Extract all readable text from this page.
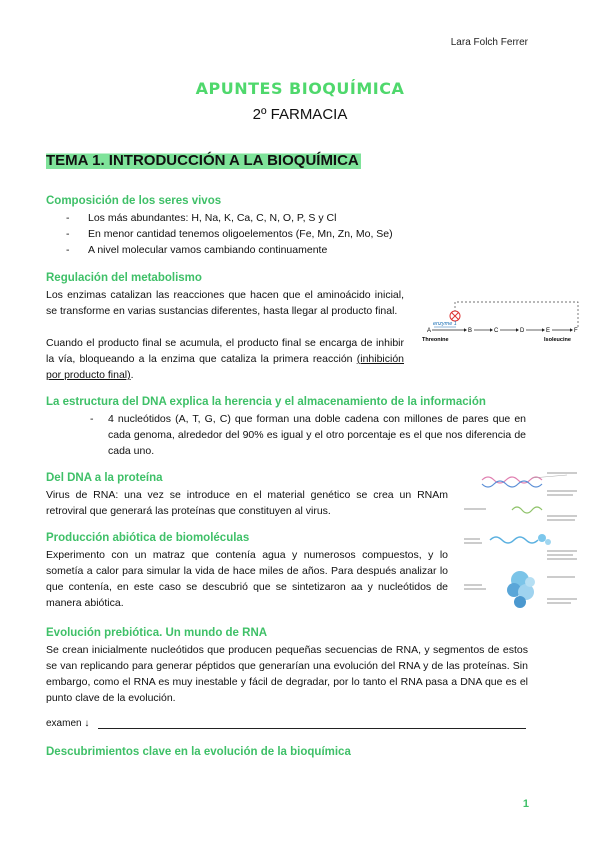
Lara Folch Ferrer
APUNTES BIOQUÍMICA
2º FARMACIA
TEMA 1. INTRODUCCIÓN A LA BIOQUÍMICA
Composición de los seres vivos
- Los más abundantes: H, Na, K, Ca, C, N, O, P, S y Cl
- En menor cantidad tenemos oligoelementos (Fe, Mn, Zn, Mo, Se)
- A nivel molecular vamos cambiando continuamente
Regulación del metabolismo
Los enzimas catalizan las reacciones que hacen que el aminoácido inicial, se transforme en varias sustancias diferentes, hasta llegar al producto final.
Cuando el producto final se acumula, el producto final se encarga de inhibir la vía, bloqueando a la enzima que cataliza la primera reacción (inhibición por producto final).
enzyme 1
A	B	C	D	E	F
Threonine	Isoleucine
La estructura del DNA explica la herencia y el almacenamiento de la información
- 4 nucleótidos (A, T, G, C) que forman una doble cadena con millones de pares que en cada genoma, alrededor del 90% es igual y el otro porcentaje es el que nos diferencia de cada uno.
Del DNA a la proteína
Virus de RNA: una vez se introduce en el material genético se crea un RNAm retroviral que generará las proteínas que constituyen al virus.
Producción abiótica de biomoléculas
Experimento con un matraz que contenía agua y numerosos compuestos, y lo sometía a calor para simular la vida de hace miles de años. Para después analizar lo que contenía, en este caso se descubrió que se sintetizaron aa y nucleótidos de manera abiótica.
Evolución prebiótica. Un mundo de RNA
Se crean inicialmente nucleótidos que producen pequeñas secuencias de RNA, y segmentos de estos se van replicando para generar péptidos que generarían una evolución del RNA y de las proteínas. Sin embargo, como el RNA es muy inestable y fácil de degradar, por lo tanto el RNA pasa a DNA que es el punto clave de la evolución.
examen ↓
Descubrimientos clave en la evolución de la bioquímica
1
